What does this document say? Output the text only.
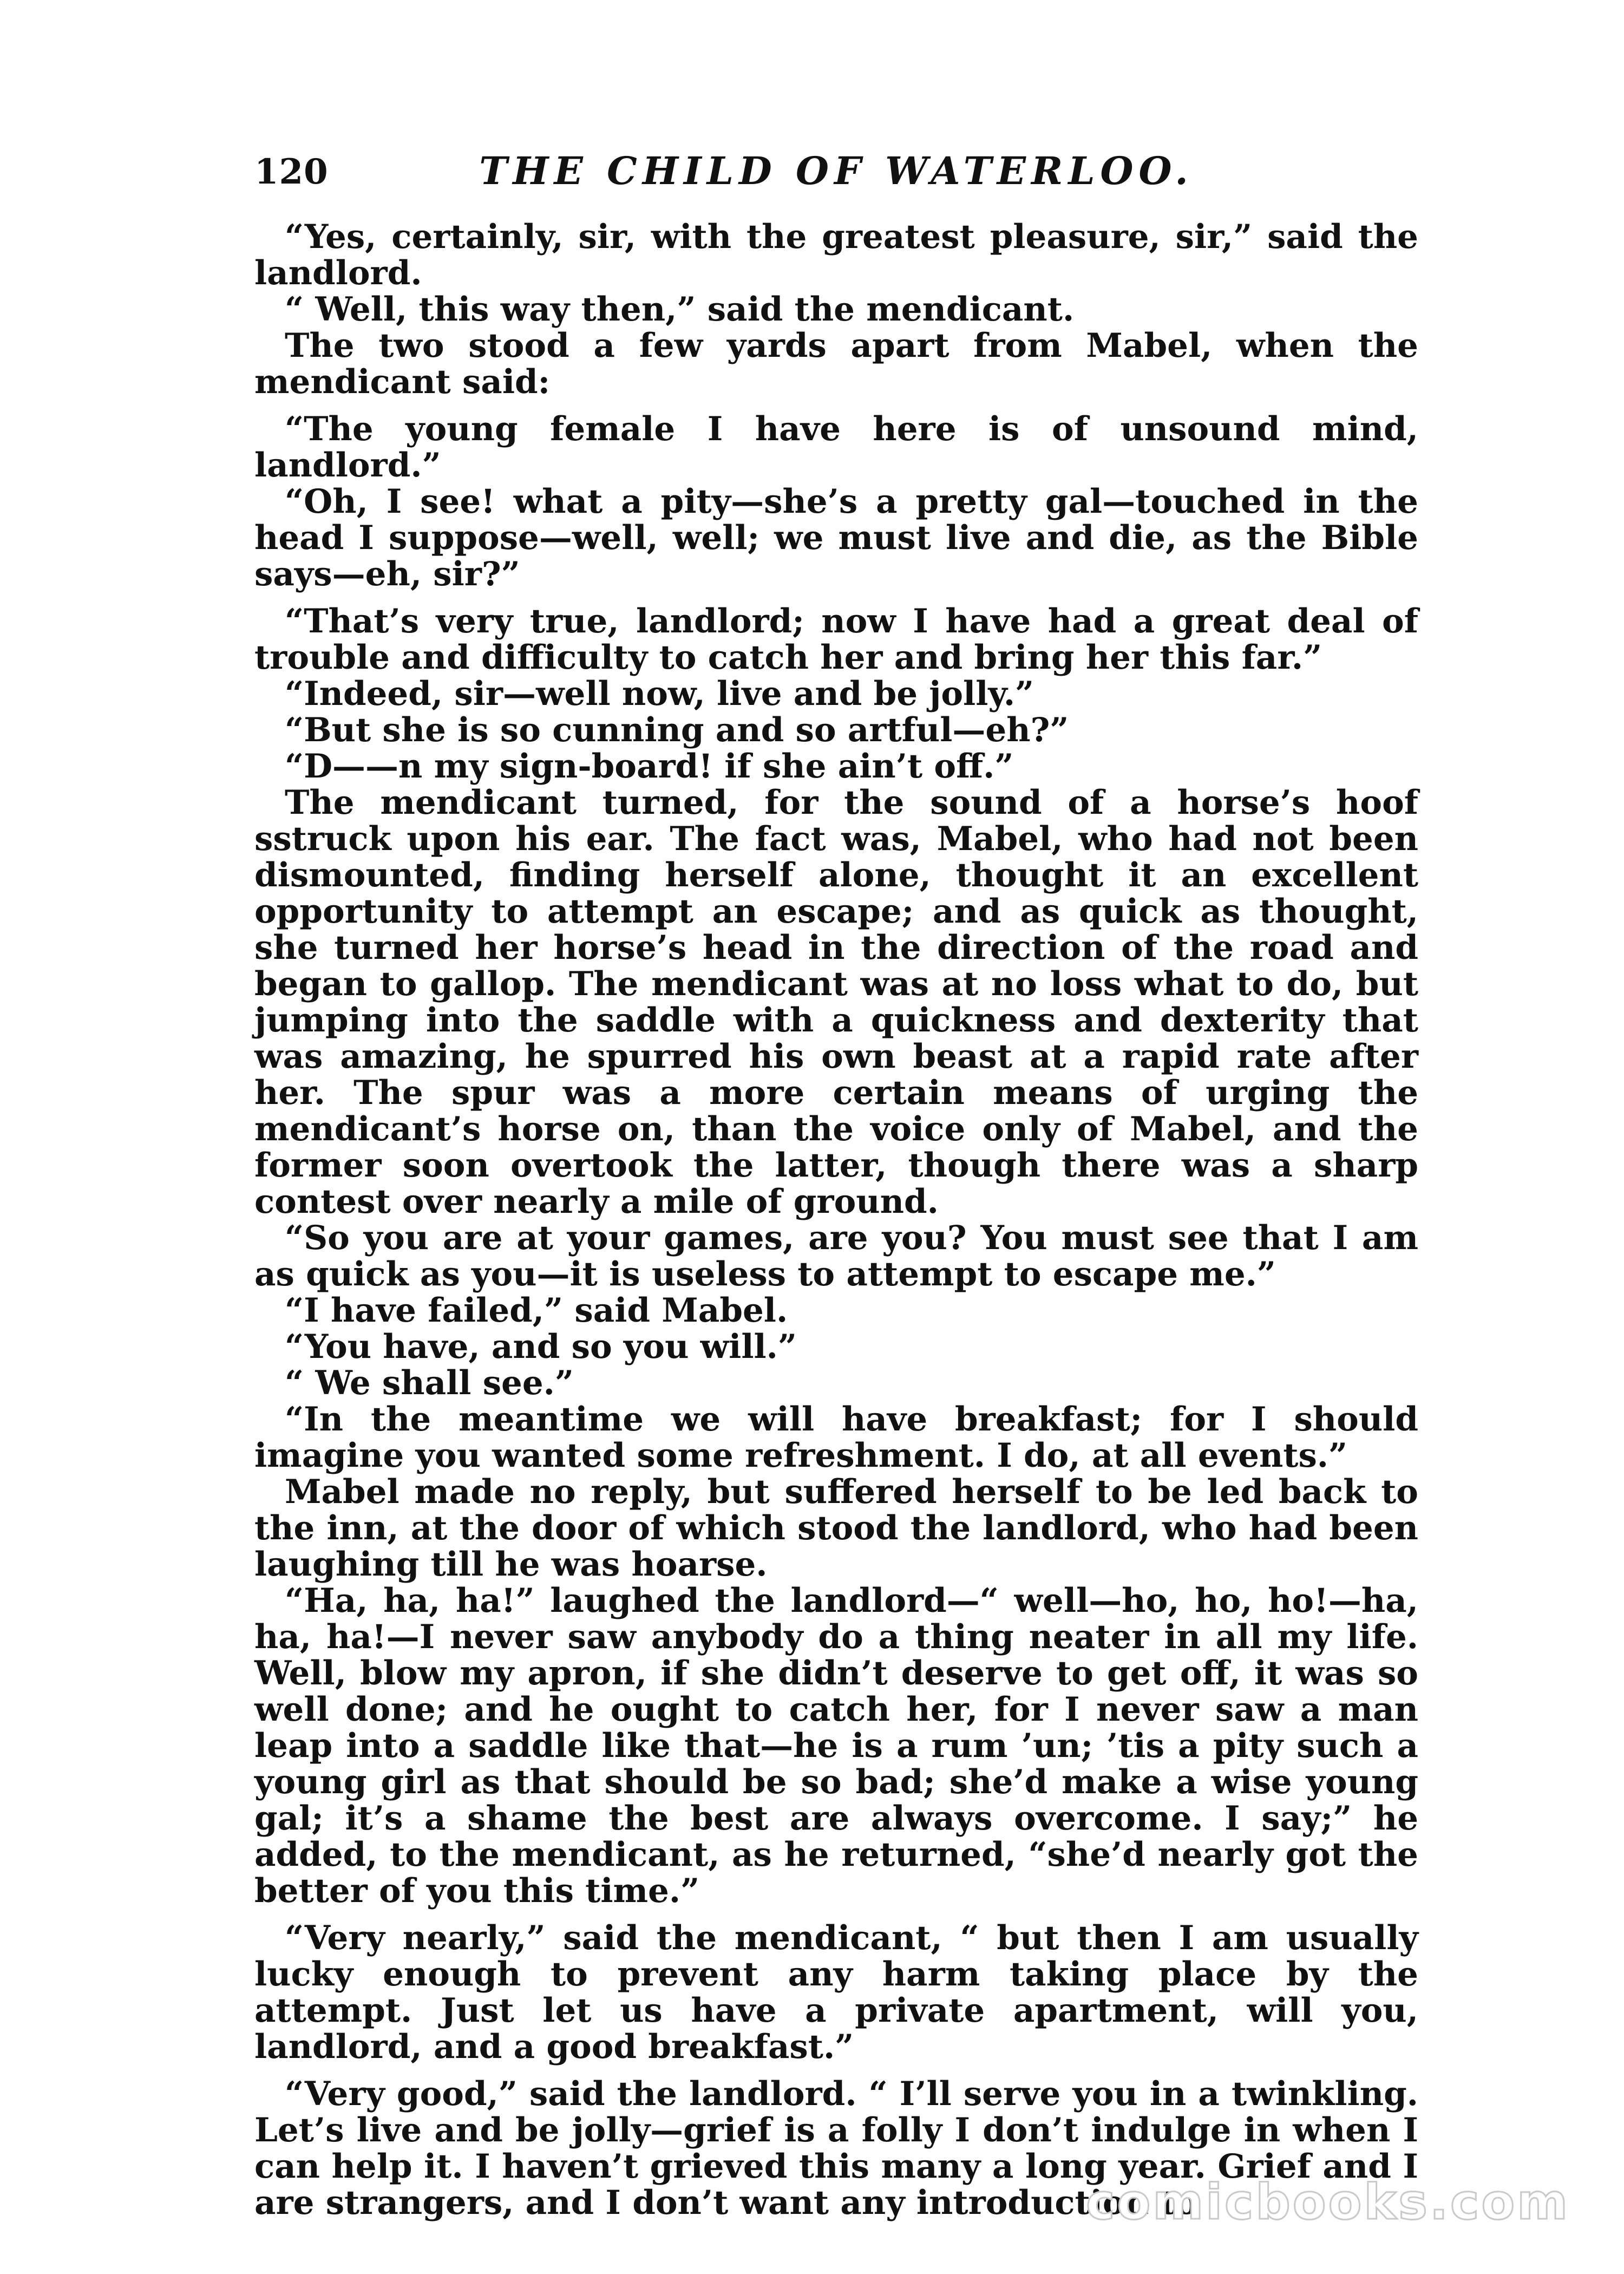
120	THE CHILD OF WATERLOO.

“Yes, certainly, sir, with the greatest pleasure, sir,” said the landlord.

“ Well, this way then,” said the mendicant.

The two stood a few yards apart from Mabel, when the mendicant said:

“The young female I have here is of unsound mind, landlord.”

“Oh, I see! what a pity—she’s a pretty gal—touched in the head I suppose—well, well; we must live and die, as the Bible says—eh, sir?”

“That’s very true, landlord; now I have had a great deal of trouble and difficulty to catch her and bring her this far.”

“Indeed, sir—well now, live and be jolly.”

“But she is so cunning and so artful—eh?”

“D——n my sign-board! if she ain’t off.”

The mendicant turned, for the sound of a horse’s hoof sstruck upon his ear. The fact was, Mabel, who had not been dismounted, finding herself alone, thought it an excellent opportunity to attempt an escape; and as quick as thought, she turned her horse’s head in the direction of the road and began to gallop. The mendicant was at no loss what to do, but jumping into the saddle with a quickness and dexterity that was amazing, he spurred his own beast at a rapid rate after her. The spur was a more certain means of urging the mendicant’s horse on, than the voice only of Mabel, and the former soon overtook the latter, though there was a sharp contest over nearly a mile of ground.

“So you are at your games, are you? You must see that I am as quick as you—it is useless to attempt to escape me.”

“I have failed,” said Mabel.

“You have, and so you will.”

“ We shall see.”

“In the meantime we will have breakfast; for I should imagine you wanted some refreshment. I do, at all events.”

Mabel made no reply, but suffered herself to be led back to the inn, at the door of which stood the landlord, who had been laughing till he was hoarse.

“Ha, ha, ha!” laughed the landlord—“ well—ho, ho, ho!—ha, ha, ha!—I never saw anybody do a thing neater in all my life. Well, blow my apron, if she didn’t deserve to get off, it was so well done; and he ought to catch her, for I never saw a man leap into a saddle like that—he is a rum ’un; ’tis a pity such a young girl as that should be so bad; she’d make a wise young gal; it’s a shame the best are always overcome. I say;” he added, to the mendicant, as he returned, “she’d nearly got the better of you this time.”

“Very nearly,” said the mendicant, “ but then I am usually lucky enough to prevent any harm taking place by the attempt. Just let us have a private apartment, will you, landlord, and a good breakfast.”

“Very good,” said the landlord. “ I’ll serve you in a twinkling. Let’s live and be jolly—grief is a folly I don’t indulge in when I can help it. I haven’t grieved this many a long year. Grief and I are strangers, and I don’t want any introduction to

comicbooks.com
